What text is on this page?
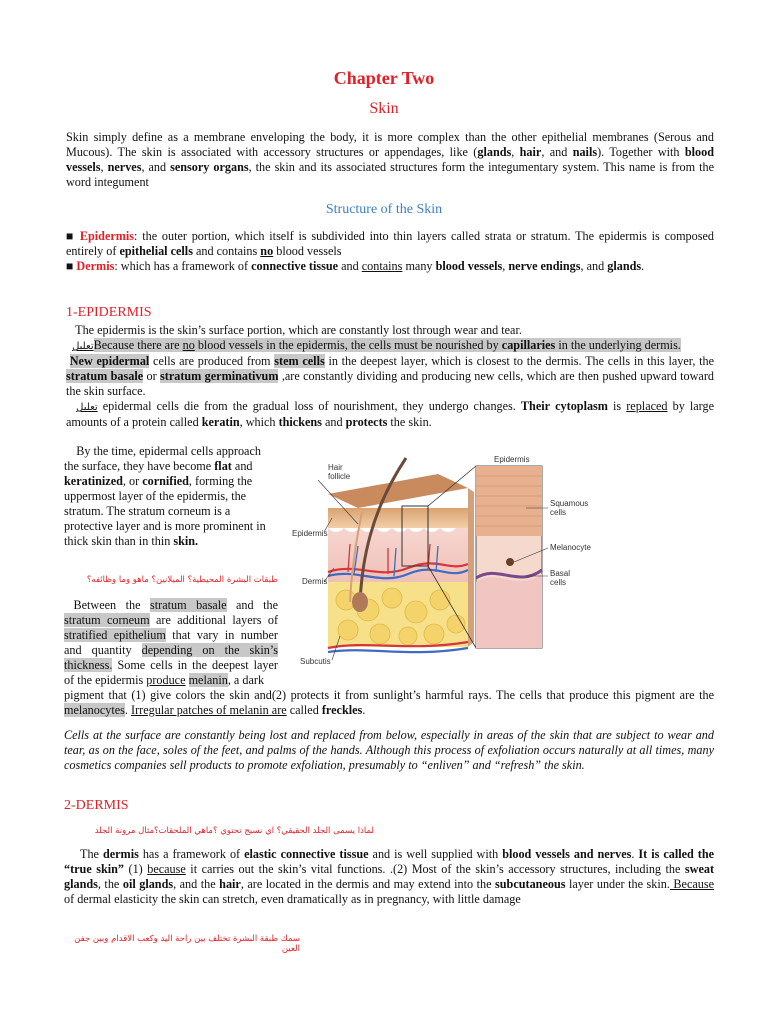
Chapter Two
Skin
Skin simply define as a membrane enveloping the body, it is more complex than the other epithelial membranes (Serous and Mucous). The skin is associated with accessory structures or appendages, like (glands, hair, and nails). Together with blood vessels, nerves, and sensory organs, the skin and its associated structures form the integumentary system. This name is from the word integument
Structure of the Skin
■ Epidermis: the outer portion, which itself is subdivided into thin layers called strata or stratum. The epidermis is composed entirely of epithelial cells and contains no blood vessels
■ Dermis: which has a framework of connective tissue and contains many blood vessels, nerve endings, and glands.
1-EPIDERMIS
The epidermis is the skin’s surface portion, which are constantly lost through wear and tear.
تعليلBecause there are no blood vessels in the epidermis, the cells must be nourished by capillaries in the underlying dermis.
New epidermal cells are produced from stem cells in the deepest layer, which is closest to the dermis. The cells in this layer, the stratum basale or stratum germinativum ,are constantly dividing and producing new cells, which are then pushed upward toward the skin surface.
تعليل epidermal cells die from the gradual loss of nourishment, they undergo changes. Their cytoplasm is replaced by large amounts of a protein called keratin, which thickens and protects the skin.
By the time, epidermal cells approach the surface, they have become flat and keratinized, or cornified, forming the uppermost layer of the epidermis, the stratum. The stratum corneum is a protective layer and is more prominent in thick skin than in thin skin.
طبقات البشرة المحيطية؟ الميلانين؟ ماهو وما وظائفه؟
Between the stratum basale and the stratum corneum are additional layers of stratified epithelium that vary in number and quantity depending on the skin’s thickness. Some cells in the deepest layer of the epidermis produce melanin, a dark
pigment that (1) give colors the skin and(2) protects it from sunlight’s harmful rays. The cells that produce this pigment are the melanocytes. Irregular patches of melanin are called freckles.
Cells at the surface are constantly being lost and replaced from below, especially in areas of the skin that are subject to wear and tear, as on the face, soles of the feet, and palms of the hands. Although this process of exfoliation occurs naturally at all times, many cosmetics companies sell products to promote exfoliation, presumably to “enliven” and “refresh” the skin.
2-DERMIS
لماذا يسمى الجلد الحقيقي؟ اي نسيج تحتوي ؟ماهي الملحقات؟مثال مرونة الجلد
The dermis has a framework of elastic connective tissue and is well supplied with blood vessels and nerves. It is called the “true skin” (1) because it carries out the skin’s vital functions. .(2) Most of the skin’s accessory structures, including the sweat glands, the oil glands, and the hair, are located in the dermis and may extend into the subcutaneous layer under the skin. Because of dermal elasticity the skin can stretch, even dramatically as in pregnancy, with little damage
سمك طبقة البشرة تختلف بين راحة اليد وكعب الاقدام وبين جفن العين
Hair follicle
Epidermis
Epidermis
Dermis
Subcutis
Squamous cells
Melanocyte
Basal cells
